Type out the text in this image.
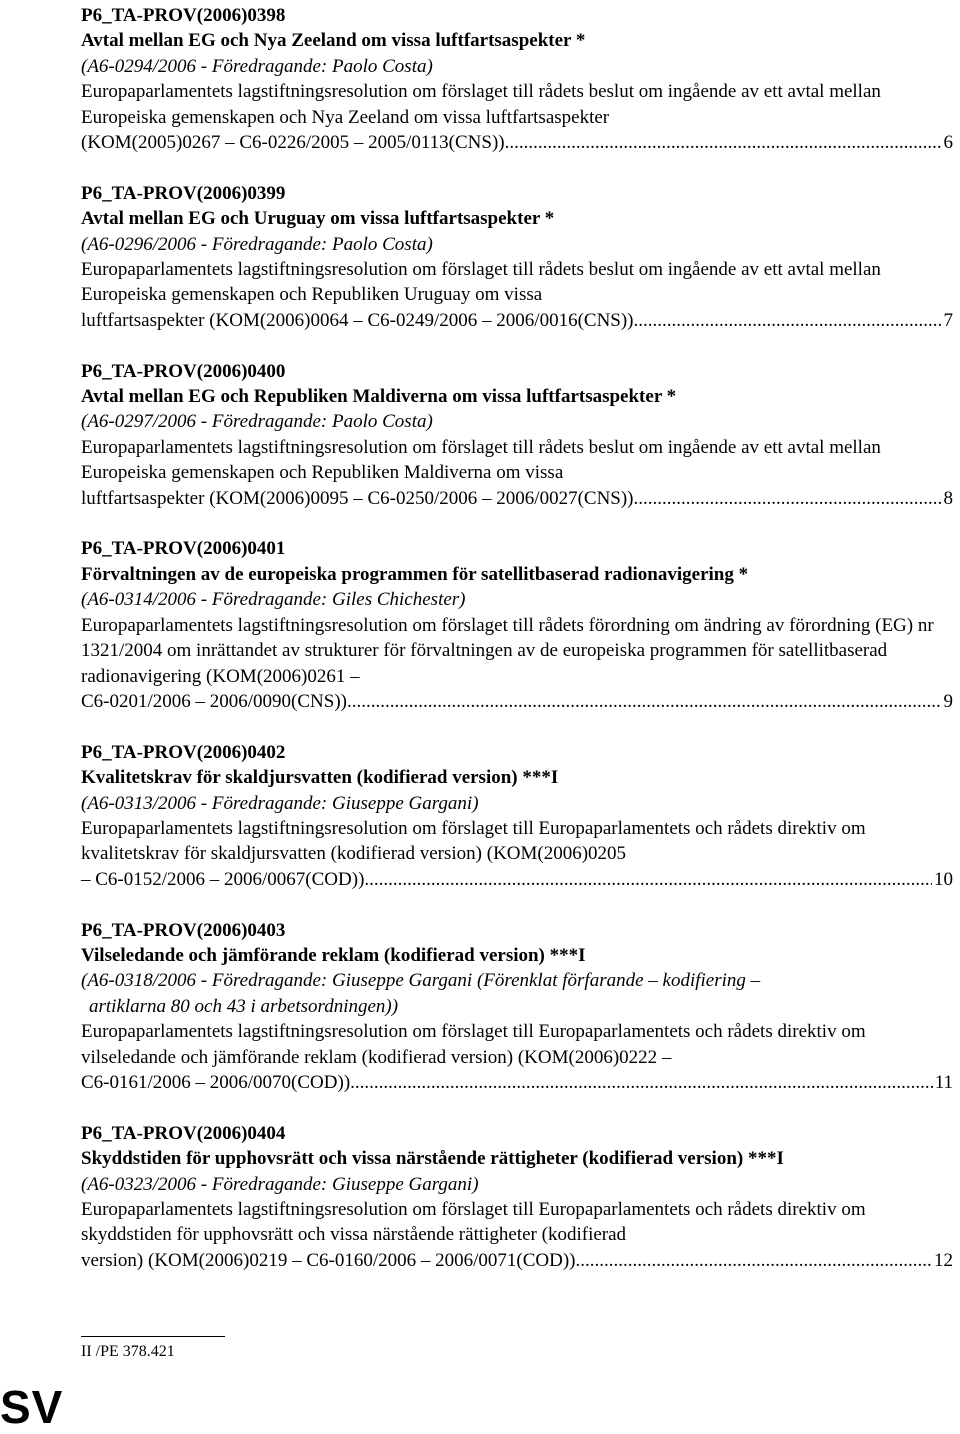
P6_TA-PROV(2006)0398
Avtal mellan EG och Nya Zeeland om vissa luftfartsaspekter *
(A6-0294/2006 - Föredragande: Paolo Costa)
Europaparlamentets lagstiftningsresolution om förslaget till rådets beslut om ingående av ett avtal mellan Europeiska gemenskapen och Nya Zeeland om vissa luftfartsaspekter
(KOM(2005)0267 – C6-0226/2005 – 2005/0113(CNS)) .....	6
P6_TA-PROV(2006)0399
Avtal mellan EG och Uruguay om vissa luftfartsaspekter *
(A6-0296/2006 - Föredragande: Paolo Costa)
Europaparlamentets lagstiftningsresolution om förslaget till rådets beslut om ingående av ett avtal mellan Europeiska gemenskapen och Republiken Uruguay om vissa
luftfartsaspekter (KOM(2006)0064 – C6-0249/2006 – 2006/0016(CNS)) .....	7
P6_TA-PROV(2006)0400
Avtal mellan EG och Republiken Maldiverna om vissa luftfartsaspekter *
(A6-0297/2006 - Föredragande: Paolo Costa)
Europaparlamentets lagstiftningsresolution om förslaget till rådets beslut om ingående av ett avtal mellan Europeiska gemenskapen och Republiken Maldiverna om vissa
luftfartsaspekter (KOM(2006)0095 – C6-0250/2006 – 2006/0027(CNS)) .....	8
P6_TA-PROV(2006)0401
Förvaltningen av de europeiska programmen för satellitbaserad radionavigering *
(A6-0314/2006 - Föredragande: Giles Chichester)
Europaparlamentets lagstiftningsresolution om förslaget till rådets förordning om ändring av förordning (EG) nr 1321/2004 om inrättandet av strukturer för förvaltningen av de europeiska programmen för satellitbaserad radionavigering (KOM(2006)0261 –
C6-0201/2006 – 2006/0090(CNS)) .....	9
P6_TA-PROV(2006)0402
Kvalitetskrav för skaldjursvatten (kodifierad version) ***I
(A6-0313/2006 - Föredragande: Giuseppe Gargani)
Europaparlamentets lagstiftningsresolution om förslaget till Europaparlamentets och rådets direktiv om kvalitetskrav för skaldjursvatten (kodifierad version) (KOM(2006)0205
– C6-0152/2006 – 2006/0067(COD)) .....	10
P6_TA-PROV(2006)0403
Vilseledande och jämförande reklam (kodifierad version) ***I
(A6-0318/2006 - Föredragande: Giuseppe Gargani (Förenklat förfarande – kodifiering –
artiklarna 80 och 43 i arbetsordningen))
Europaparlamentets lagstiftningsresolution om förslaget till Europaparlamentets och rådets direktiv om vilseledande och jämförande reklam (kodifierad version) (KOM(2006)0222 –
C6-0161/2006 – 2006/0070(COD)) .....	11
P6_TA-PROV(2006)0404
Skyddstiden för upphovsrätt och vissa närstående rättigheter (kodifierad version) ***I
(A6-0323/2006 - Föredragande: Giuseppe Gargani)
Europaparlamentets lagstiftningsresolution om förslaget till Europaparlamentets och rådets direktiv om skyddstiden för upphovsrätt och vissa närstående rättigheter (kodifierad
version) (KOM(2006)0219 – C6-0160/2006 – 2006/0071(COD)) .....	12
II /PE 378.421
SV
